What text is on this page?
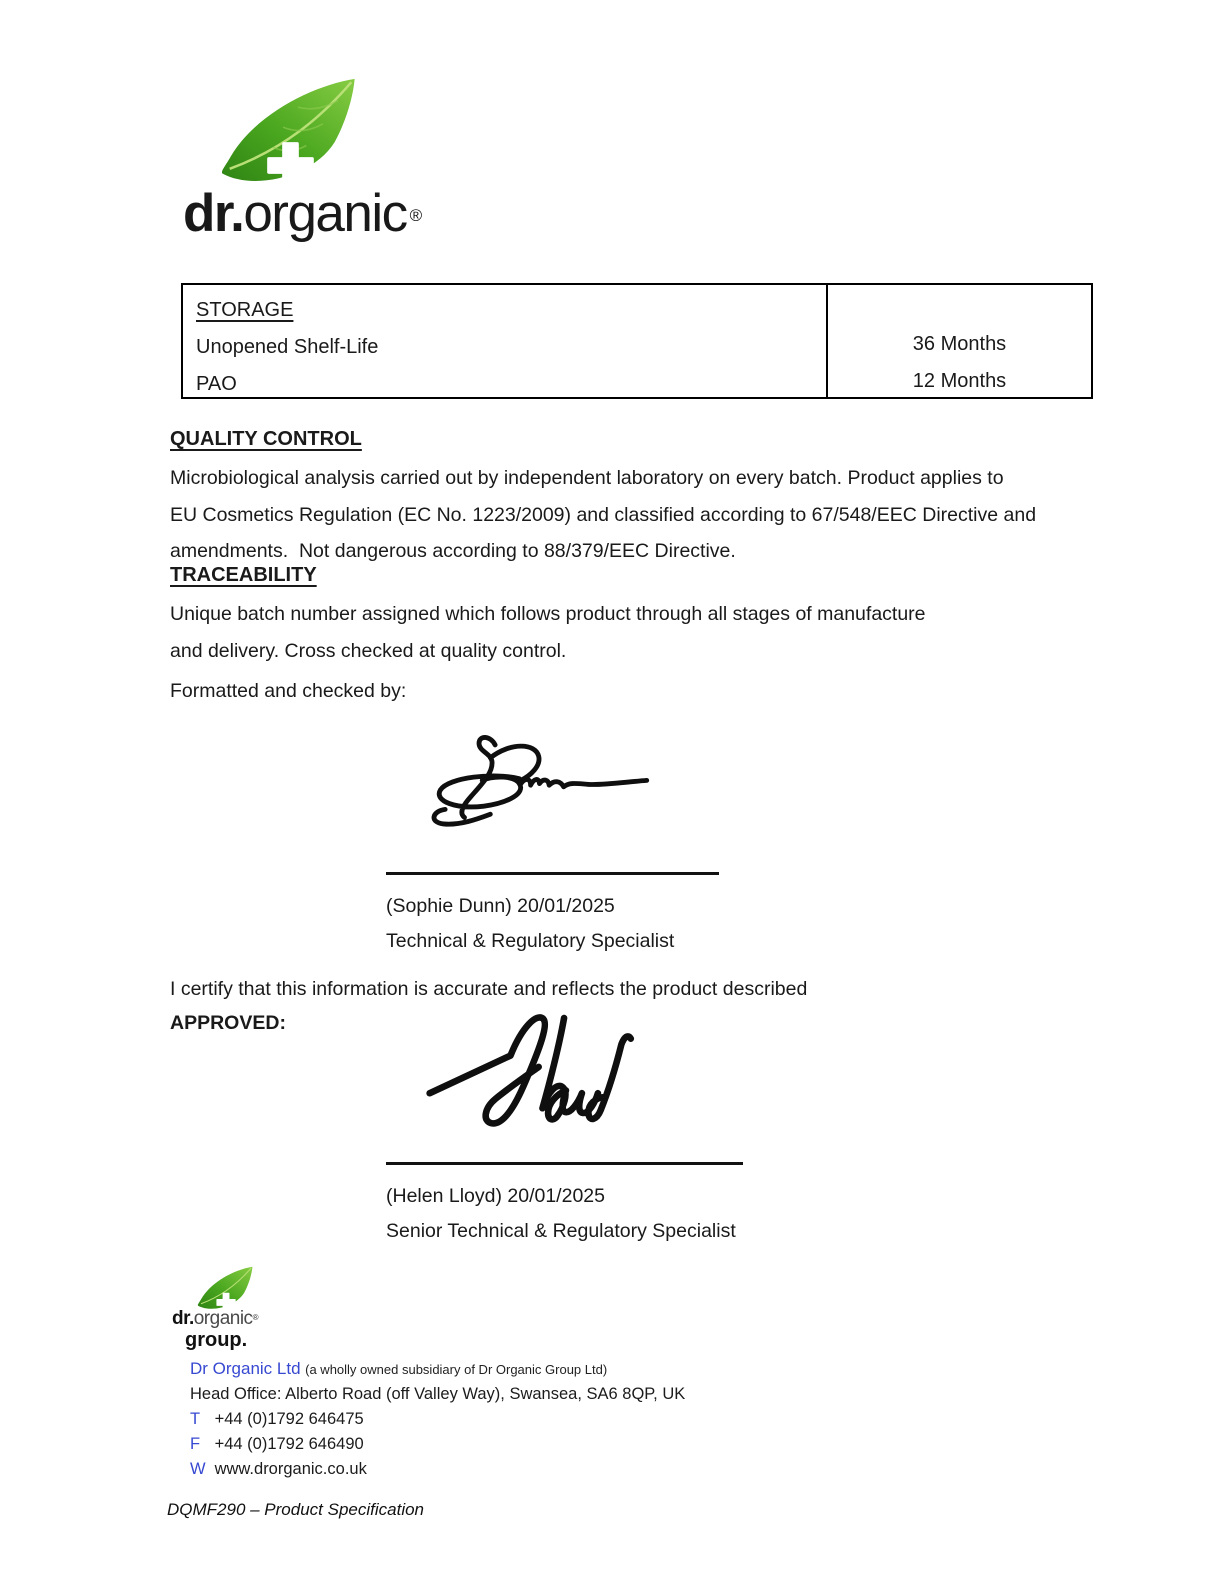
dr.organic ®
STORAGE
Unopened Shelf-Life
PAO
36 Months
12 Months
QUALITY CONTROL
Microbiological analysis carried out by independent laboratory on every batch. Product applies to
EU Cosmetics Regulation (EC No. 1223/2009) and classified according to 67/548/EEC Directive and
amendments.  Not dangerous according to 88/379/EEC Directive.
TRACEABILITY
Unique batch number assigned which follows product through all stages of manufacture
and delivery. Cross checked at quality control.
Formatted and checked by:
(Sophie Dunn) 20/01/2025
Technical & Regulatory Specialist
I certify that this information is accurate and reflects the product described
APPROVED:
(Helen Lloyd) 20/01/2025
Senior Technical & Regulatory Specialist
dr.organic®
group.
Dr Organic Ltd (a wholly owned subsidiary of Dr Organic Group Ltd)
Head Office: Alberto Road (off Valley Way), Swansea, SA6 8QP, UK
T +44 (0)1792 646475
F +44 (0)1792 646490
W www.drorganic.co.uk
DQMF290 – Product Specification
